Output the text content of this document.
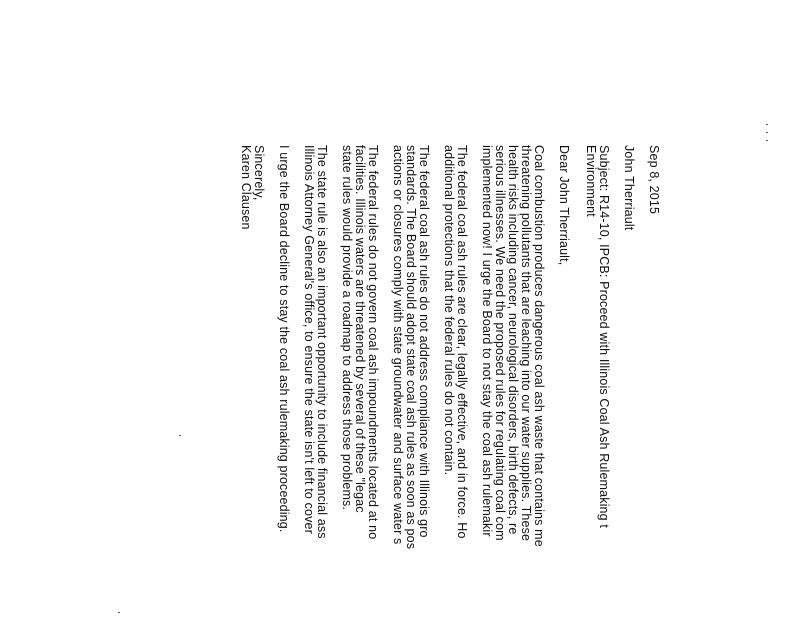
Sep 8, 2015
John Therriault
Subject: R14-10, IPCB: Proceed with Illinois Coal Ash Rulemaking t
Environment
Dear John Therriault,
Coal combustion produces dangerous coal ash waste that contains me
threatening pollutants that are leaching into our water supplies. These
health risks including cancer, neurological disorders, birth defects, re
serious illnesses. We need the proposed rules for regulating coal com
implemented now! I urge the Board to not stay the coal ash rulemakir
The federal coal ash rules are clear, legally effective, and in force. Ho
additional protections that the federal rules do not contain.
The federal coal ash rules do not address compliance with Illinois gro
standards. The Board should adopt state coal ash rules as soon as pos
actions or closures comply with state groundwater and surface water s
The federal rules do not govern coal ash impoundments located at no
facilities. Illinois waters are threatened by several of these "legac
state rules would provide a roadmap to address those problems.
The state rule is also an important opportunity to include financial ass
Illinois Attorney General's office, to ensure the state isn't left to cover
I urge the Board decline to stay the coal ash rulemaking proceeding.
Sincerely,
Karen Clausen
